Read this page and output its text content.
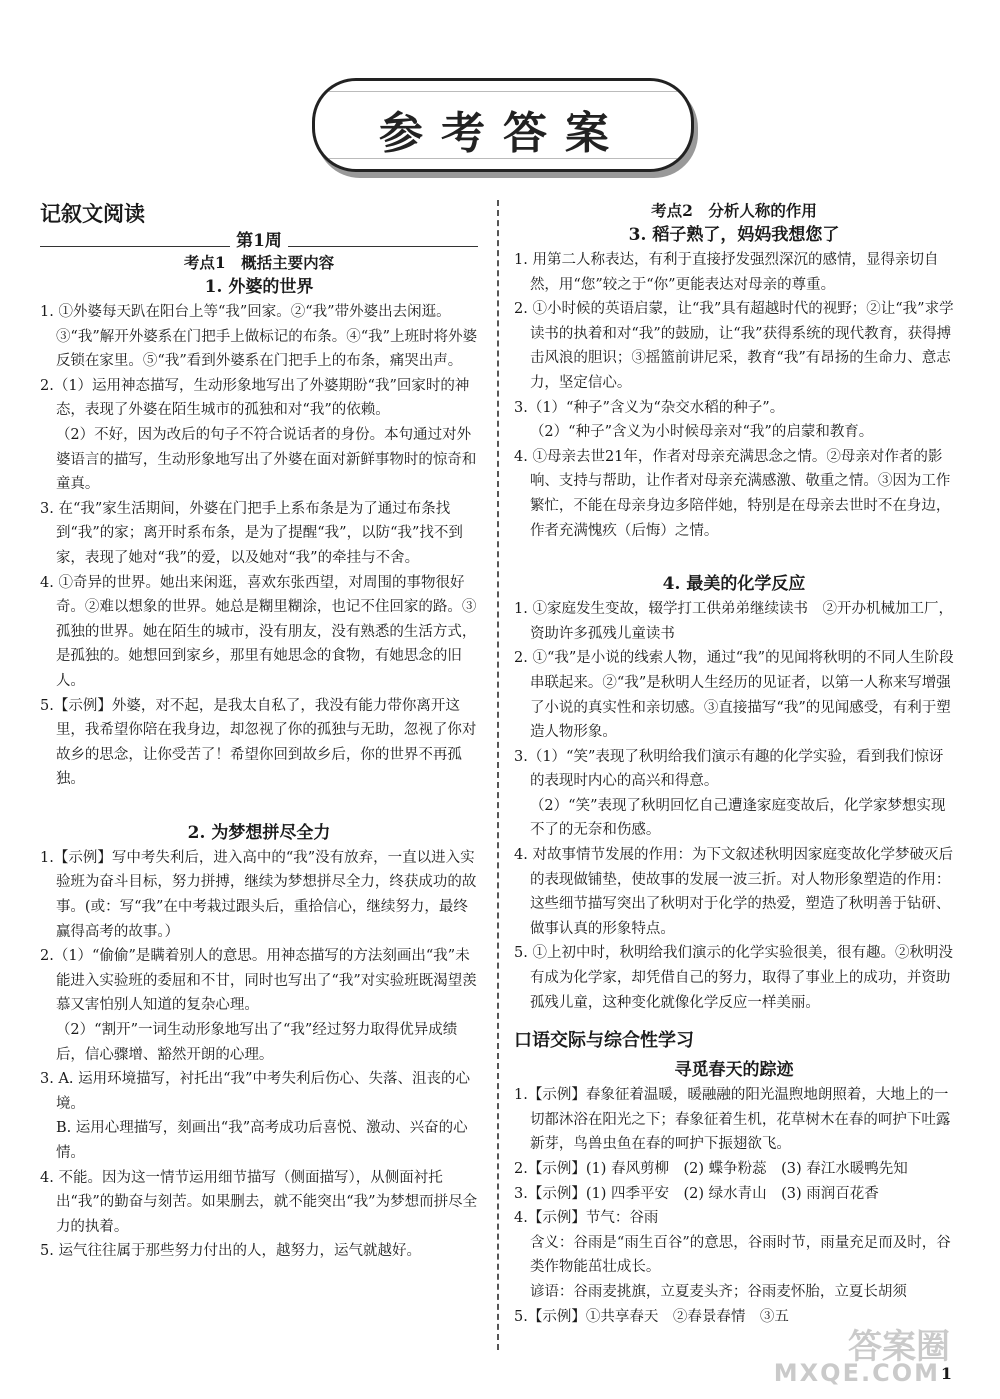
参考答案
记叙文阅读
第1周
考点1　概括主要内容
1. 外婆的世界

1. ①外婆每天趴在阳台上等“我”回家。②“我”带外婆出去闲逛。③“我”解开外婆系在门把手上做标记的布条。④“我”上班时将外婆反锁在家里。⑤“我”看到外婆系在门把手上的布条，痛哭出声。

2.（1）运用神态描写，生动形象地写出了外婆期盼“我”回家时的神态，表现了外婆在陌生城市的孤独和对“我”的依赖。

（2）不好，因为改后的句子不符合说话者的身份。本句通过对外婆语言的描写，生动形象地写出了外婆在面对新鲜事物时的惊奇和童真。

3. 在“我”家生活期间，外婆在门把手上系布条是为了通过布条找到“我”的家；离开时系布条，是为了提醒“我”，以防“我”找不到家，表现了她对“我”的爱，以及她对“我”的牵挂与不舍。

4. ①奇异的世界。她出来闲逛，喜欢东张西望，对周围的事物很好奇。②难以想象的世界。她总是糊里糊涂，也记不住回家的路。③孤独的世界。她在陌生的城市，没有朋友，没有熟悉的生活方式，是孤独的。她想回到家乡，那里有她思念的食物，有她思念的旧人。

5.【示例】外婆，对不起，是我太自私了，我没有能力带你离开这里，我希望你陪在我身边，却忽视了你的孤独与无助，忽视了你对故乡的思念，让你受苦了！希望你回到故乡后，你的世界不再孤独。

2. 为梦想拼尽全力

1.【示例】写中考失利后，进入高中的“我”没有放弃，一直以进入实验班为奋斗目标，努力拼搏，继续为梦想拼尽全力，终获成功的故事。(或：写“我”在中考栽过跟头后，重拾信心，继续努力，最终赢得高考的故事。）

2.（1）“偷偷”是瞒着别人的意思。用神态描写的方法刻画出“我”未能进入实验班的委屈和不甘，同时也写出了“我”对实验班既渴望羡慕又害怕别人知道的复杂心理。

（2）“割开”一词生动形象地写出了“我”经过努力取得优异成绩后，信心骤增、豁然开朗的心理。

3. A. 运用环境描写，衬托出“我”中考失利后伤心、失落、沮丧的心境。

B. 运用心理描写，刻画出“我”高考成功后喜悦、激动、兴奋的心情。

4. 不能。因为这一情节运用细节描写（侧面描写），从侧面衬托出“我”的勤奋与刻苦。如果删去，就不能突出“我”为梦想而拼尽全力的执着。

5. 运气往往属于那些努力付出的人，越努力，运气就越好。

考点2　分析人称的作用
3. 稻子熟了，妈妈我想您了

1. 用第二人称表达，有利于直接抒发强烈深沉的感情，显得亲切自然，用“您”较之于“你”更能表达对母亲的尊重。

2. ①小时候的英语启蒙，让“我”具有超越时代的视野；②让“我”求学读书的执着和对“我”的鼓励，让“我”获得系统的现代教育，获得搏击风浪的胆识；③摇篮前讲尼采，教育“我”有昂扬的生命力、意志力，坚定信心。

3.（1）“种子”含义为“杂交水稻的种子”。

（2）“种子”含义为小时候母亲对“我”的启蒙和教育。

4. ①母亲去世21年，作者对母亲充满思念之情。②母亲对作者的影响、支持与帮助，让作者对母亲充满感激、敬重之情。③因为工作繁忙，不能在母亲身边多陪伴她，特别是在母亲去世时不在身边，作者充满愧疚（后悔）之情。

4. 最美的化学反应

1. ①家庭发生变故，辍学打工供弟弟继续读书　②开办机械加工厂，资助许多孤残儿童读书

2. ①“我”是小说的线索人物，通过“我”的见闻将秋明的不同人生阶段串联起来。②“我”是秋明人生经历的见证者，以第一人称来写增强了小说的真实性和亲切感。③直接描写“我”的见闻感受，有利于塑造人物形象。

3.（1）“笑”表现了秋明给我们演示有趣的化学实验，看到我们惊讶的表现时内心的高兴和得意。

（2）“笑”表现了秋明回忆自己遭逢家庭变故后，化学家梦想实现不了的无奈和伤感。

4. 对故事情节发展的作用：为下文叙述秋明因家庭变故化学梦破灭后的表现做铺垫，使故事的发展一波三折。对人物形象塑造的作用：这些细节描写突出了秋明对于化学的热爱，塑造了秋明善于钻研、做事认真的形象特点。

5. ①上初中时，秋明给我们演示的化学实验很美，很有趣。②秋明没有成为化学家，却凭借自己的努力，取得了事业上的成功，并资助孤残儿童，这种变化就像化学反应一样美丽。

口语交际与综合性学习
寻觅春天的踪迹

1.【示例】春象征着温暖，暖融融的阳光温煦地朗照着，大地上的一切都沐浴在阳光之下；春象征着生机，花草树木在春的呵护下吐露新芽，鸟兽虫鱼在春的呵护下振翅欲飞。

2.【示例】(1) 春风剪柳　(2) 蝶争粉蕊　(3) 春江水暖鸭先知

3.【示例】(1) 四季平安　(2) 绿水青山　(3) 雨润百花香

4.【示例】节气：谷雨

含义：谷雨是“雨生百谷”的意思，谷雨时节，雨量充足而及时，谷类作物能茁壮成长。

谚语：谷雨麦挑旗，立夏麦头齐；谷雨麦怀胎，立夏长胡须

5.【示例】①共享春天　②春景春情　③五

答案圈
MXQE.COM 1
